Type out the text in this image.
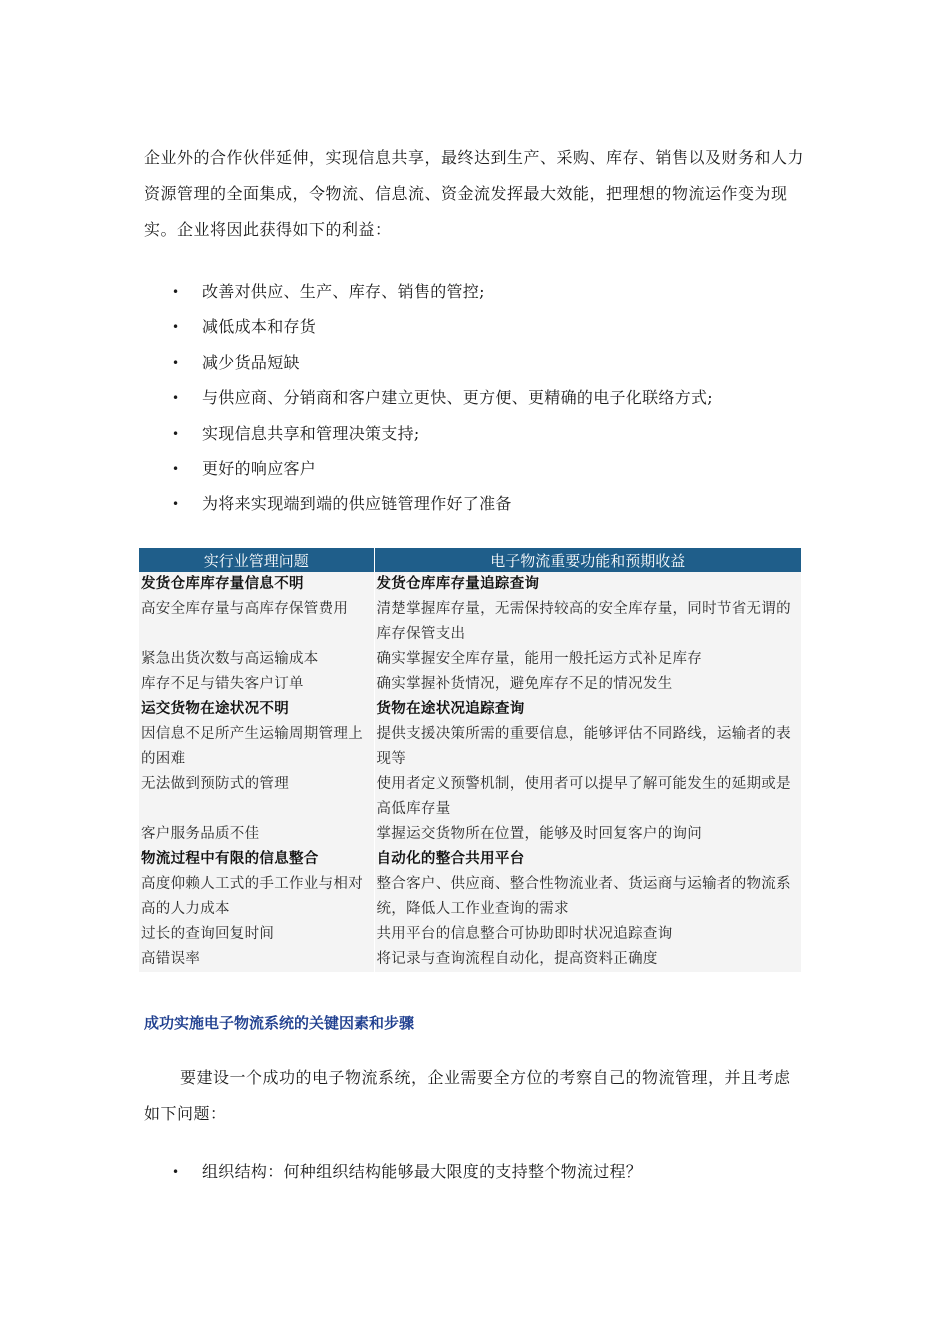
企业外的合作伙伴延伸，实现信息共享，最终达到生产、采购、库存、销售以及财务和人力资源管理的全面集成，令物流、信息流、资金流发挥最大效能，把理想的物流运作变为现实。企业将因此获得如下的利益：

•	改善对供应、生产、库存、销售的管控;
•	减低成本和存货
•	减少货品短缺
•	与供应商、分销商和客户建立更快、更方便、更精确的电子化联络方式;
•	实现信息共享和管理决策支持;
•	更好的响应客户
•	为将来实现端到端的供应链管理作好了准备
实行业管理问题	电子物流重要功能和预期收益
发货仓库库存量信息不明	发货仓库库存量追踪查询
高安全库存量与高库存保管费用	清楚掌握库存量，无需保持较高的安全库存量，同时节省无谓的库存保管支出
紧急出货次数与高运输成本	确实掌握安全库存量，能用一般托运方式补足库存
库存不足与错失客户订单	确实掌握补货情况，避免库存不足的情况发生
运交货物在途状况不明	货物在途状况追踪查询
因信息不足所产生运输周期管理上的困难	提供支援决策所需的重要信息，能够评估不同路线，运输者的表现等
无法做到预防式的管理	使用者定义预警机制，使用者可以提早了解可能发生的延期或是高低库存量
客户服务品质不佳	掌握运交货物所在位置，能够及时回复客户的询问
物流过程中有限的信息整合	自动化的整合共用平台
高度仰赖人工式的手工作业与相对高的人力成本	整合客户、供应商、整合性物流业者、货运商与运输者的物流系统，降低人工作业查询的需求
过长的查询回复时间	共用平台的信息整合可协助即时状况追踪查询
高错误率	将记录与查询流程自动化，提高资料正确度
成功实施电子物流系统的关键因素和步骤

要建设一个成功的电子物流系统，企业需要全方位的考察自己的物流管理，并且考虑如下问题：

•	组织结构：何种组织结构能够最大限度的支持整个物流过程？
